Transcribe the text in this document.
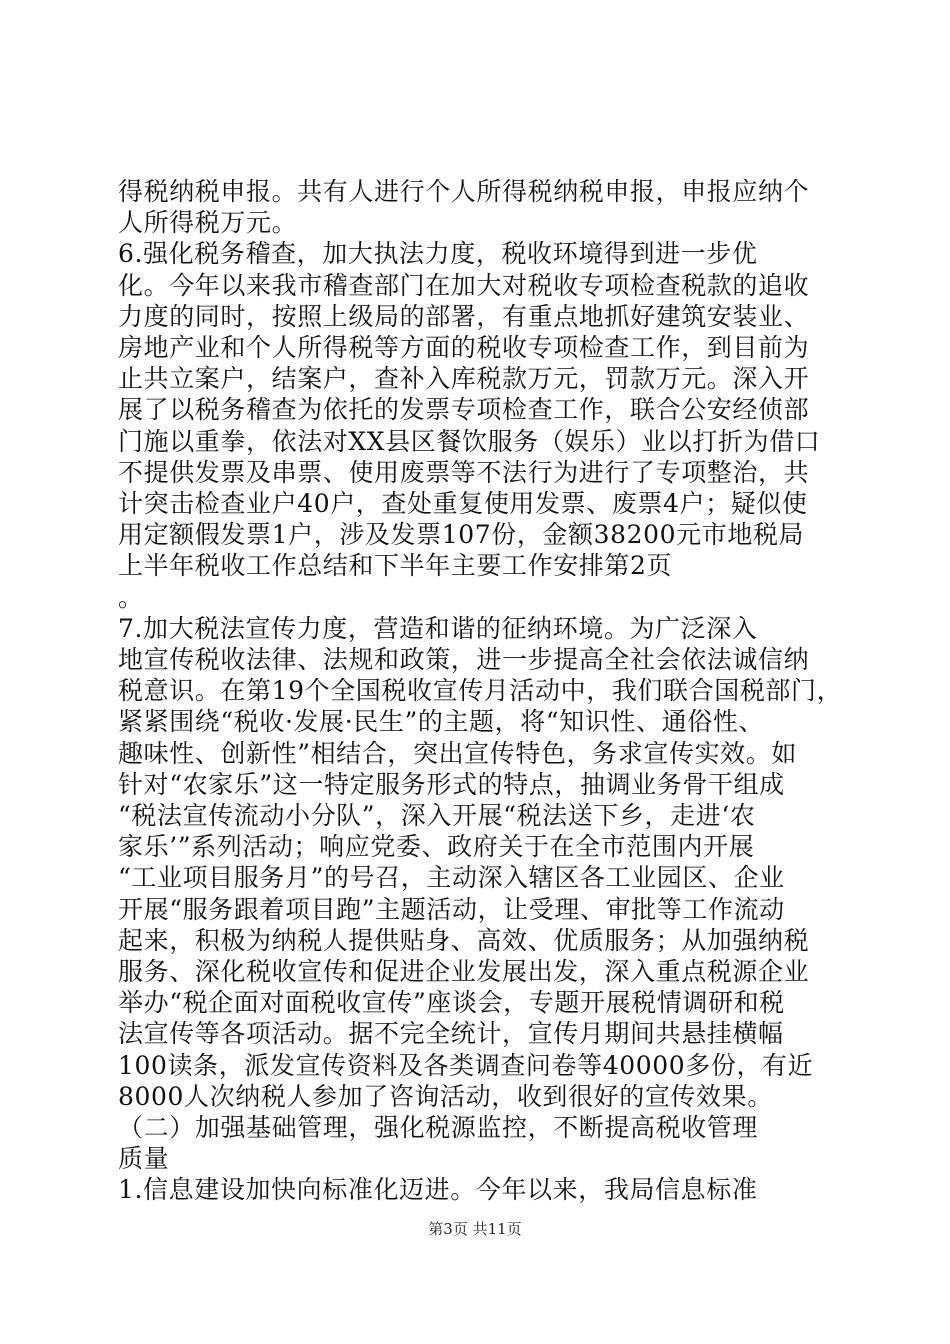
得税纳税申报。共有人进行个人所得税纳税申报，申报应纳个
人所得税万元。
6.强化税务稽查，加大执法力度，税收环境得到进一步优
化。今年以来我市稽查部门在加大对税收专项检查税款的追收
力度的同时，按照上级局的部署，有重点地抓好建筑安装业、
房地产业和个人所得税等方面的税收专项检查工作，到目前为
止共立案户，结案户，查补入库税款万元，罚款万元。深入开
展了以税务稽查为依托的发票专项检查工作，联合公安经侦部
门施以重拳，依法对XX县区餐饮服务（娱乐）业以打折为借口
不提供发票及串票、使用废票等不法行为进行了专项整治，共
计突击检查业户40户，查处重复使用发票、废票4户；疑似使
用定额假发票1户，涉及发票107份，金额38200元市地税局
上半年税收工作总结和下半年主要工作安排第2页
。
7.加大税法宣传力度，营造和谐的征纳环境。为广泛深入
地宣传税收法律、法规和政策，进一步提高全社会依法诚信纳
税意识。在第19个全国税收宣传月活动中，我们联合国税部门，
紧紧围绕“税收·发展·民生”的主题，将“知识性、通俗性、
趣味性、创新性”相结合，突出宣传特色，务求宣传实效。如
针对“农家乐”这一特定服务形式的特点，抽调业务骨干组成
“税法宣传流动小分队”，深入开展“税法送下乡，走进‘农
家乐’”系列活动；响应党委、政府关于在全市范围内开展
“工业项目服务月”的号召，主动深入辖区各工业园区、企业
开展“服务跟着项目跑”主题活动，让受理、审批等工作流动
起来，积极为纳税人提供贴身、高效、优质服务；从加强纳税
服务、深化税收宣传和促进企业发展出发，深入重点税源企业
举办“税企面对面税收宣传”座谈会，专题开展税情调研和税
法宣传等各项活动。据不完全统计，宣传月期间共悬挂横幅
100读条，派发宣传资料及各类调查问卷等40000多份，有近
8000人次纳税人参加了咨询活动，收到很好的宣传效果。
（二）加强基础管理，强化税源监控，不断提高税收管理
质量
1.信息建设加快向标准化迈进。今年以来，我局信息标准
第3页 共11页
